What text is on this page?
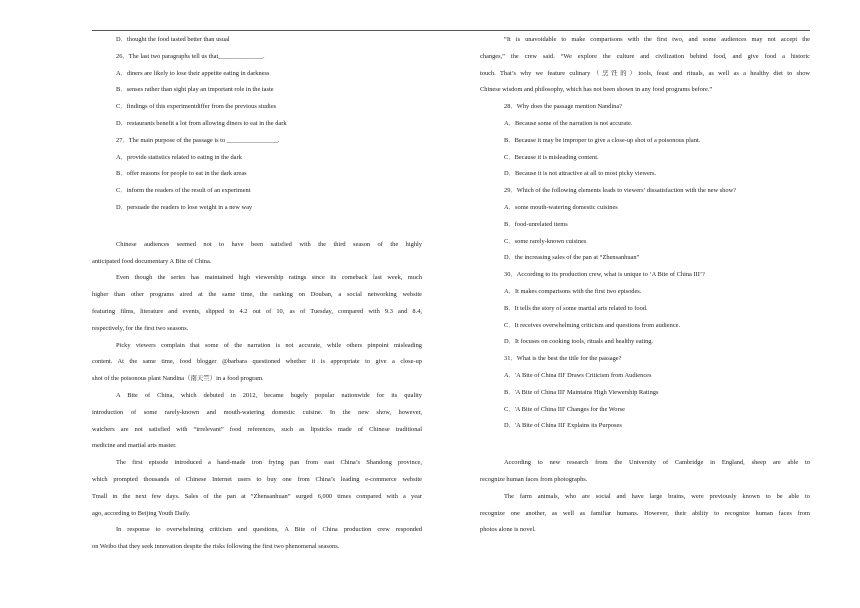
D．thought the food tasted better than usual
26．The last two paragraphs tell us that______________.
A．diners are likely to lose their appetite eating in darkness
B．senses rather than sight play an important role in the taste
C．findings of this experimentdiffer from the previous studies
D．restaurants benefit a lot from allowing diners to eat in the dark
27．The main purpose of the passage is to ________________.
A．provide statistics related to eating in the dark
B．offer reasons for people to eat in the dark areas
C．inform the readers of the result of an experiment
D．persuade the readers to lose weight in a new way
Chinese audiences seemed not to have been satisfied with the third season of the highly
anticipated food documentary A Bite of China.
Even though the series has maintained high viewership ratings since its comeback last week, much
higher than other programs aired at the same time, the ranking on Douban, a social networking website
featuring films, literature and events, slipped to 4.2 out of 10, as of Tuesday, compared with 9.3 and 8.4,
respectively, for the first two seasons.
Picky viewers complain that some of the narration is not accurate, while others pinpoint misleading
content. At the same time, food blogger @barbara questioned whether it is appropriate to give a close-up
shot of the poisonous plant Nandina（南天竺）in a food program.
A Bite of China, which debuted in 2012, became hugely popular nationwide for its quality
introduction of some rarely-known and mouth-watering domestic cuisine. In the new show, however,
watchers are not satisfied with “irrelevant” food references, such as lipsticks made of Chinese traditional
medicine and martial arts master.
The first episode introduced a hand-made iron frying pan from east China’s Shandong province,
which prompted thousands of Chinese Internet users to buy one from China’s leading e-commerce website
Tmall in the next few days. Sales of the pan at “Zhensanhuan” surged 6,000 times compared with a year
ago, according to Beijing Youth Daily.
In response to overwhelming criticism and questions, A Bite of China production crew responded
on Weibo that they seek innovation despite the risks following the first two phenomenal seasons.
“It is unavoidable to make comparisons with the first two, and some audiences may not accept the
changes,” the crew said. “We explore the culture and civilization behind food, and give food a historic
touch. That’s why we feature culinary（烹饪的）tools, feast and rituals, as well as a healthy diet to show
Chinese wisdom and philosophy, which has not been shown in any food programs before.”
28．Why does the passage mention Nandina?
A．Because some of the narration is not accurate.
B．Because it may be improper to give a close-up shot of a poisonous plant.
C．Because it is misleading content.
D．Because it is not attractive at all to most picky viewers.
29．Which of the following elements leads to viewers’ dissatisfaction with the new show?
A．some mouth-watering domestic cuisines
B．food-unrelated items
C．some rarely-known cuisines
D．the increasing sales of the pan at “Zhensanhuan”
30．According to its production crew, what is unique to ‘A Bite of China III’?
A．It makes comparisons with the first two episodes.
B．It tells the story of some martial arts related to food.
C．It receives overwhelming criticism and questions from audience.
D．It focuses on cooking tools, rituals and healthy eating.
31．What is the best the title for the passage?
A．'A Bite of China III' Draws Criticism from Audiences
B．'A Bite of China III' Maintains High Viewership Ratings
C．'A Bite of China III' Changes for the Worse
D．'A Bite of China III' Explains its Purposes
According to new research from the University of Cambridge in England, sheep are able to
recognize human faces from photographs.
The farm animals, who are social and have large brains, were previously known to be able to
recognize one another, as well as familiar humans. However, their ability to recognize human faces from
photos alone is novel.
